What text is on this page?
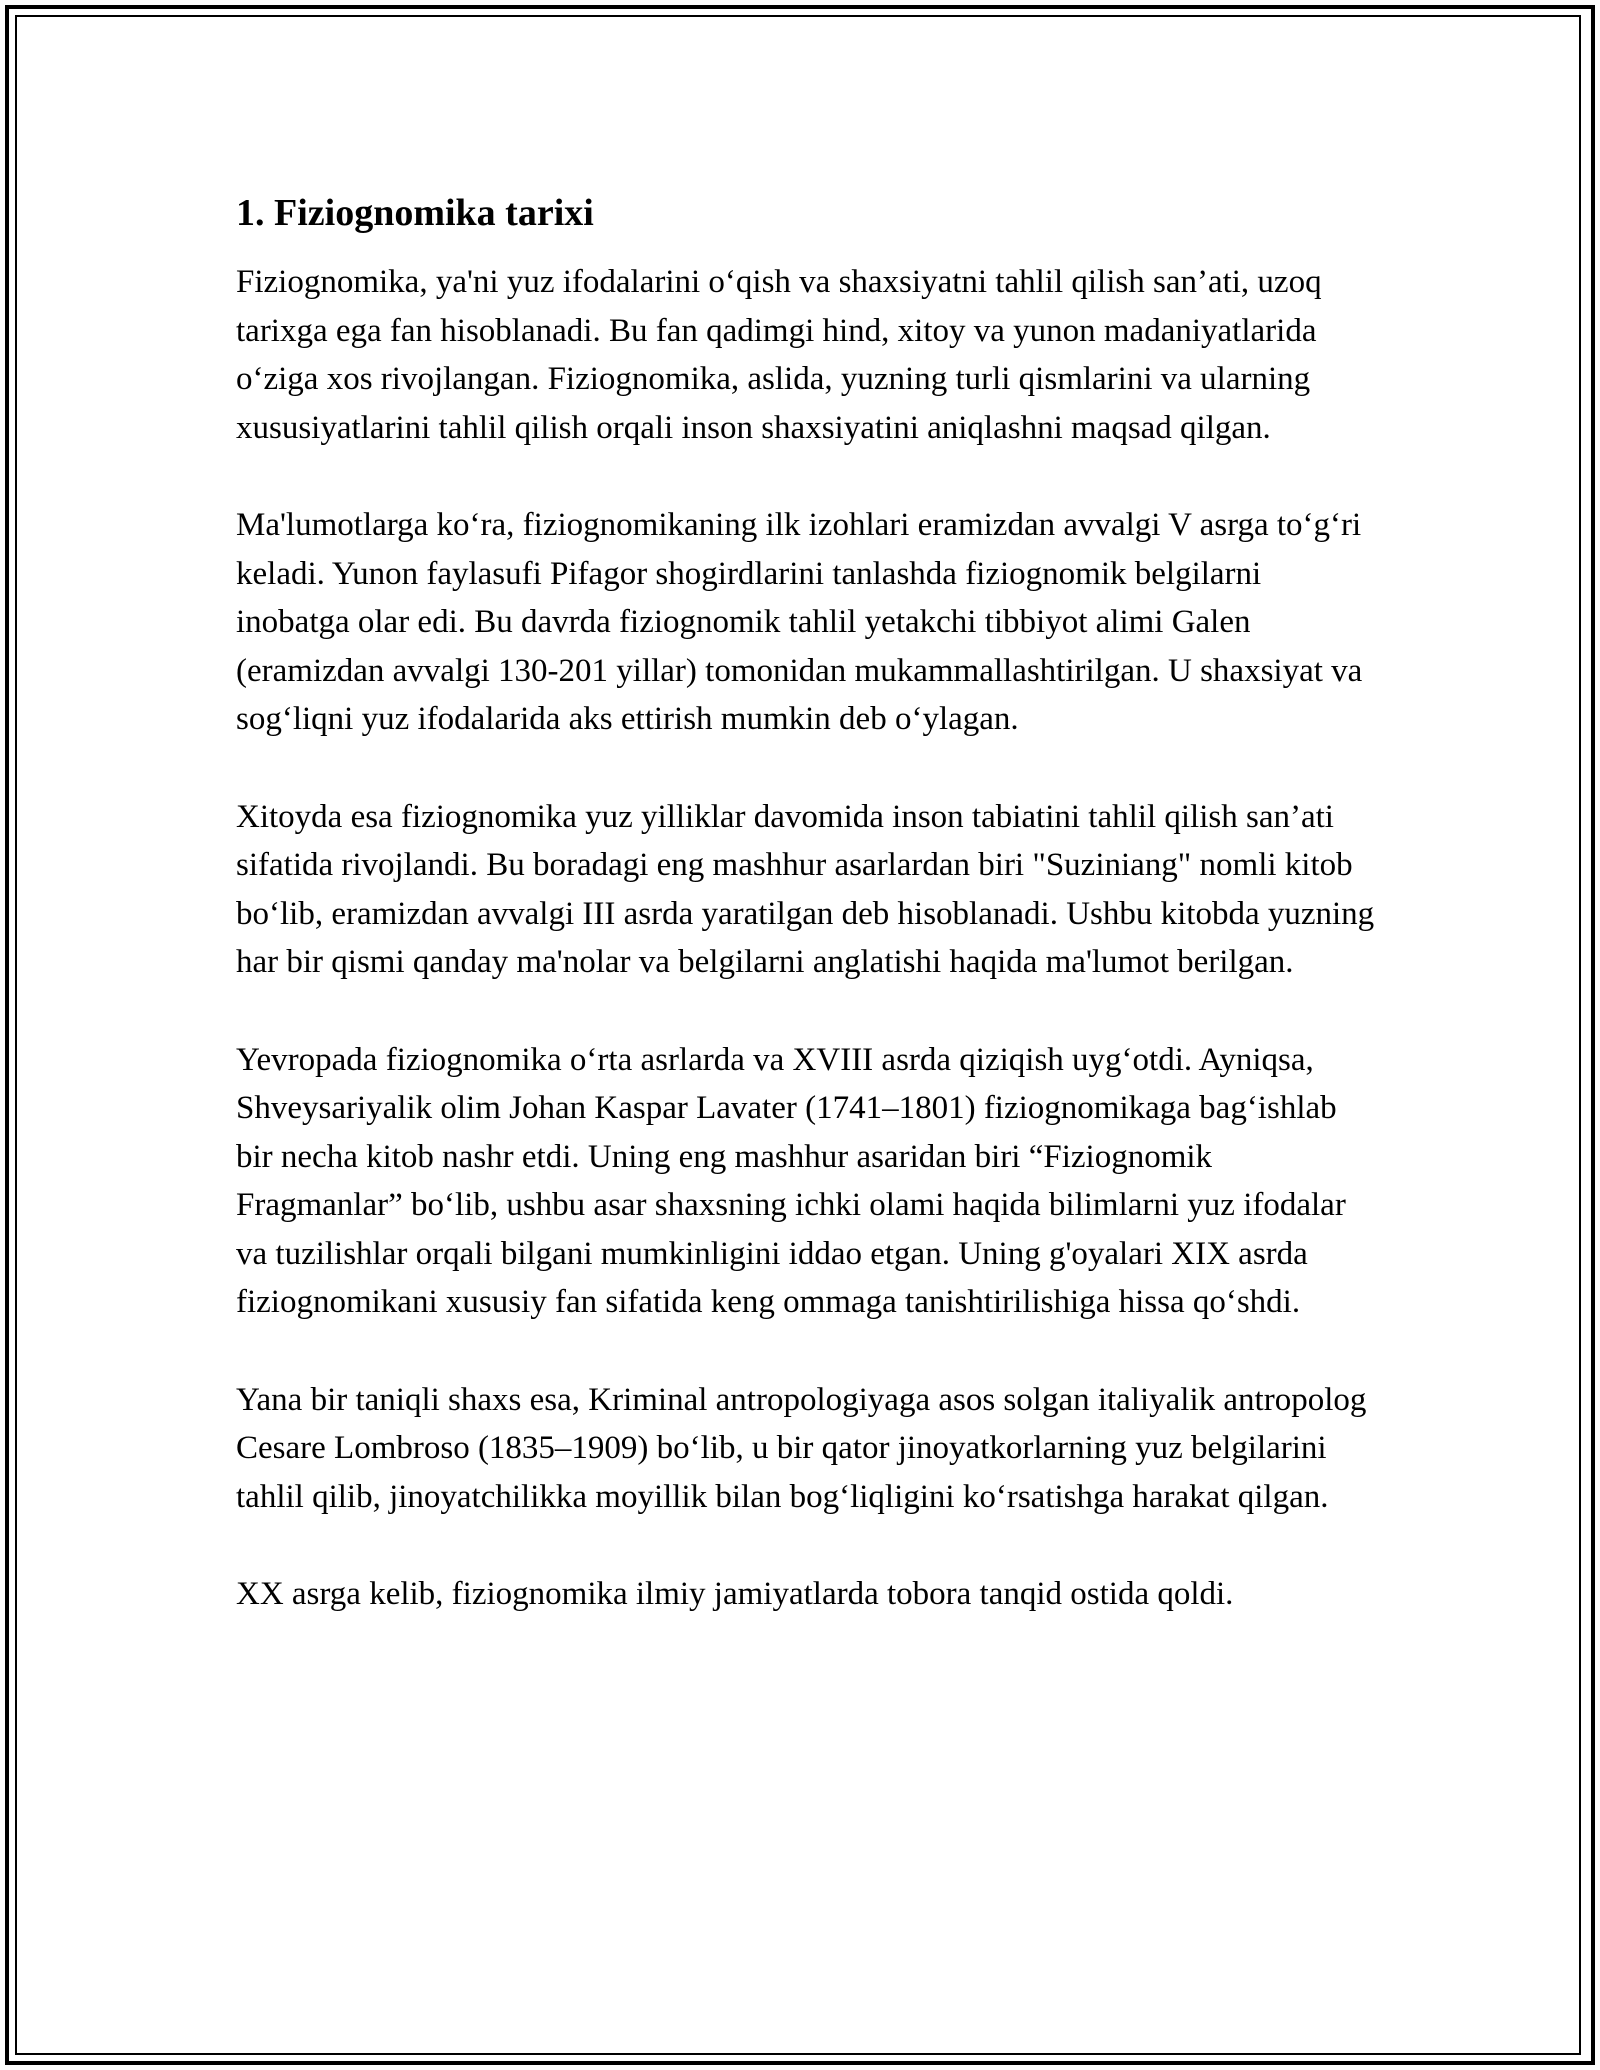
1. Fiziognomika tarixi

Fiziognomika, ya'ni yuz ifodalarini o‘qish va shaxsiyatni tahlil qilish san’ati, uzoq tarixga ega fan hisoblanadi. Bu fan qadimgi hind, xitoy va yunon madaniyatlarida o‘ziga xos rivojlangan. Fiziognomika, aslida, yuzning turli qismlarini va ularning xususiyatlarini tahlil qilish orqali inson shaxsiyatini aniqlashni maqsad qilgan.

Ma'lumotlarga ko‘ra, fiziognomikaning ilk izohlari eramizdan avvalgi V asrga to‘g‘ri keladi. Yunon faylasufi Pifagor shogirdlarini tanlashda fiziognomik belgilarni inobatga olar edi. Bu davrda fiziognomik tahlil yetakchi tibbiyot alimi Galen (eramizdan avvalgi 130-201 yillar) tomonidan mukammallashtirilgan. U shaxsiyat va sog‘liqni yuz ifodalarida aks ettirish mumkin deb o‘ylagan.

Xitoyda esa fiziognomika yuz yilliklar davomida inson tabiatini tahlil qilish san’ati sifatida rivojlandi. Bu boradagi eng mashhur asarlardan biri "Suziniang" nomli kitob bo‘lib, eramizdan avvalgi III asrda yaratilgan deb hisoblanadi. Ushbu kitobda yuzning har bir qismi qanday ma'nolar va belgilarni anglatishi haqida ma'lumot berilgan.

Yevropada fiziognomika o‘rta asrlarda va XVIII asrda qiziqish uyg‘otdi. Ayniqsa, Shveysariyalik olim Johan Kaspar Lavater (1741–1801) fiziognomikaga bag‘ishlab bir necha kitob nashr etdi. Uning eng mashhur asaridan biri “Fiziognomik Fragmanlar” bo‘lib, ushbu asar shaxsning ichki olami haqida bilimlarni yuz ifodalar va tuzilishlar orqali bilgani mumkinligini iddao etgan. Uning g'oyalari XIX asrda fiziognomikani xususiy fan sifatida keng ommaga tanishtirilishiga hissa qo‘shdi.

Yana bir taniqli shaxs esa, Kriminal antropologiyaga asos solgan italiyalik antropolog Cesare Lombroso (1835–1909) bo‘lib, u bir qator jinoyatkorlarning yuz belgilarini tahlil qilib, jinoyatchilikka moyillik bilan bog‘liqligini ko‘rsatishga harakat qilgan.

XX asrga kelib, fiziognomika ilmiy jamiyatlarda tobora tanqid ostida qoldi.
